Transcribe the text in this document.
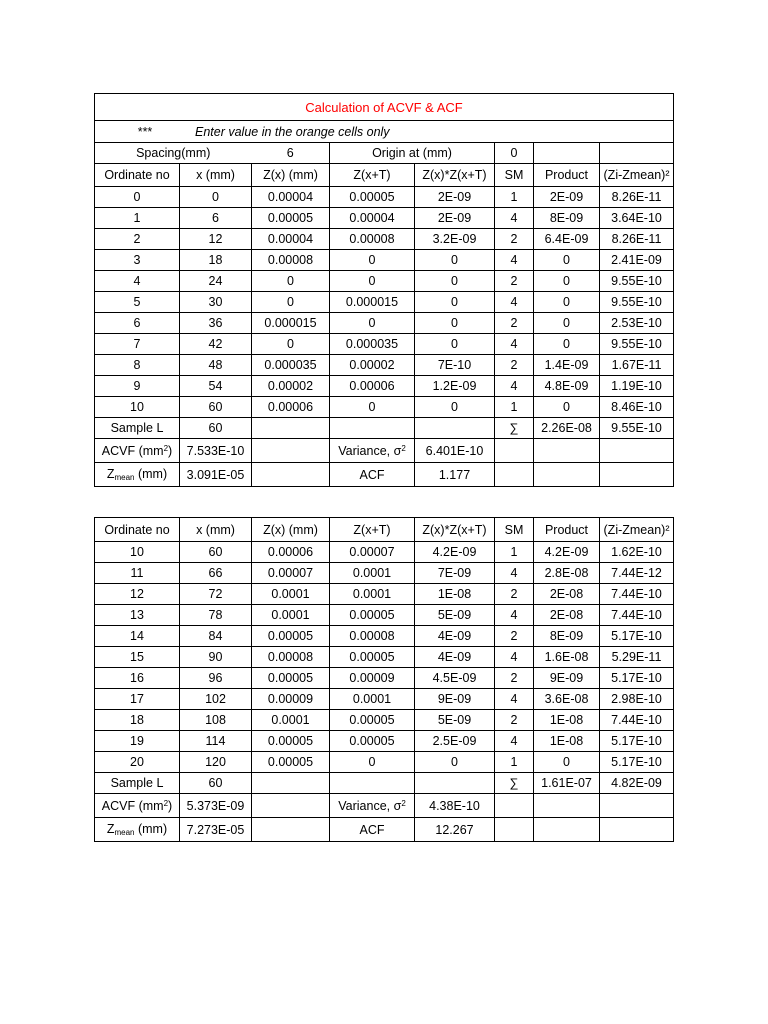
Calculation of ACVF & ACF							
*** Enter value in the orange cells only							
Spacing(mm)		6	Origin at (mm)		0		
Ordinate no	x (mm)	Z(x) (mm)	Z(x+T)	Z(x)*Z(x+T)	SM	Product	(Zi-Zmean)²
0	0	0.00004	0.00005	2E-09	1	2E-09	8.26E-11
1	6	0.00005	0.00004	2E-09	4	8E-09	3.64E-10
2	12	0.00004	0.00008	3.2E-09	2	6.4E-09	8.26E-11
3	18	0.00008	0	0	4	0	2.41E-09
4	24	0	0	0	2	0	9.55E-10
5	30	0	0.000015	0	4	0	9.55E-10
6	36	0.000015	0	0	2	0	2.53E-10
7	42	0	0.000035	0	4	0	9.55E-10
8	48	0.000035	0.00002	7E-10	2	1.4E-09	1.67E-11
9	54	0.00002	0.00006	1.2E-09	4	4.8E-09	1.19E-10
10	60	0.00006	0	0	1	0	8.46E-10
Sample L	60				∑	2.26E-08	9.55E-10
ACVF $(mm^2)$	7.533E-10		Variance, $\sigma^2$	6.401E-10			
$Z_{mean}$ (mm)	3.091E-05		ACF	1.177			
Ordinate no	x (mm)	Z(x) (mm)	Z(x+T)	Z(x)*Z(x+T)	SM	Product	(Zi-Zmean)²
10	60	0.00006	0.00007	4.2E-09	1	4.2E-09	1.62E-10
11	66	0.00007	0.0001	7E-09	4	2.8E-08	7.44E-12
12	72	0.0001	0.0001	1E-08	2	2E-08	7.44E-10
13	78	0.0001	0.00005	5E-09	4	2E-08	7.44E-10
14	84	0.00005	0.00008	4E-09	2	8E-09	5.17E-10
15	90	0.00008	0.00005	4E-09	4	1.6E-08	5.29E-11
16	96	0.00005	0.00009	4.5E-09	2	9E-09	5.17E-10
17	102	0.00009	0.0001	9E-09	4	3.6E-08	2.98E-10
18	108	0.0001	0.00005	5E-09	2	1E-08	7.44E-10
19	114	0.00005	0.00005	2.5E-09	4	1E-08	5.17E-10
20	120	0.00005	0	0	1	0	5.17E-10
Sample L	60				∑	1.61E-07	4.82E-09
ACVF $(mm^2)$	5.373E-09		Variance, $\sigma^2$	4.38E-10			
$Z_{mean}$ (mm)	7.273E-05		ACF	12.267			
